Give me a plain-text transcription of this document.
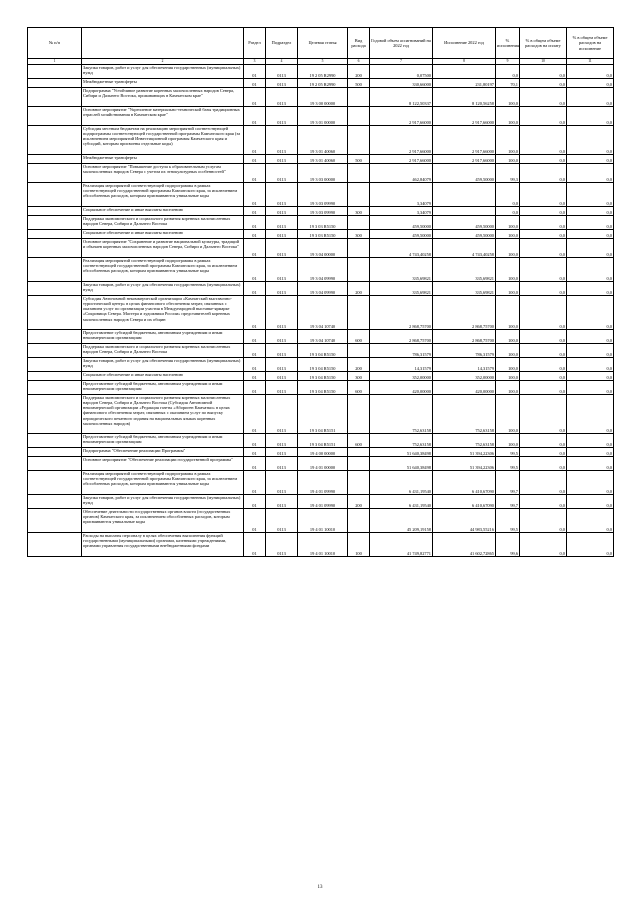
№ п/п		Раздел	Подраздел	Целевая статья	Вид расхода	Годовой объем ассигнований на 2022 год	Исполнение 2022 год	% исполнения	% в общем объеме расходов на оплату	% в общем объеме расходов на исполнение
1	2	3	4	5	6	7	8	9	10	11
	Закупка товаров, работ и услуг для обеспечения государственных (муниципальных) нужд	01	0113	19 2 05 R2990	200	0,07500		0,0	0,0	0,0
	Межбюджетные трансферты	01	0113	19 2 05 R2990	500	330,66000	231,80197	70,1	0,0	0,0
	Подпрограмма "Устойчивое развитие коренных малочисленных народов Севера, Сибири и Дальнего Востока, проживающих в Камчатском крае"	01	0113	19 3 00 00000		8 122,50337	8 120,56258	100,0	0,0	0,0
	Основное мероприятие "Укрепление материально-технической базы традиционных отраслей хозяйствования в Камчатском крае"	01	0113	19 3 01 00000		2 917,66000	2 917,66000	100,0	0,0	0,0
	Субсидия местным бюджетам на реализацию мероприятий соответствующей подпрограммы соответствующей государственной программы Камчатского края (за исключением мероприятий Инвестиционной программы Камчатского края и субсидий, которым присвоены отдельные коды)	01	0113	19 3 01 40060		2 917,66000	2 917,66000	100,0	0,0	0,0
	Межбюджетные трансферты	01	0113	19 3 01 40060	500	2 917,66000	2 917,66000	100,0	0,0	0,0
	Основное мероприятие "Повышение доступа к образовательным услугам малочисленных народов Севера с учетом их этнокультурных особенностей"	01	0113	19 3 03 00000		462,84079	459,50000	99,3	0,0	0,0
	Реализация мероприятий соответствующей подпрограммы в рамках соответствующей государственной программы Камчатского края, за исключением обособленных расходов, которым присваиваются уникальные коды	01	0113	19 3 03 09990		3,34079		0,0	0,0	0,0
	Социальное обеспечение и иные выплаты населению	01	0113	19 3 03 09990	300	3,34079		0,0	0,0	0,0
	Поддержка экономического и социального развития коренных малочисленных народов Севера, Сибири и Дальнего Востока	01	0113	19 3 03 R5150		459,50000	459,50000	100,0	0,0	0,0
	Социальное обеспечение и иные выплаты населению	01	0113	19 3 03 R5150	300	459,50000	459,50000	100,0	0,0	0,0
	Основное мероприятие "Сохранение и развитие национальной культуры, традиций и обычаев коренных малочисленных народов Севера, Сибири и Дальнего Востока"	01	0113	19 3 04 00000		4 743,40258	4 743,40258	100,0	0,0	0,0
	Реализация мероприятий соответствующей подпрограммы в рамках соответствующей государственной программы Камчатского края, за исключением обособленных расходов, которым присваиваются уникальные коды	01	0113	19 3 04 09990		335,69821	335,69821	100,0	0,0	0,0
	Закупка товаров, работ и услуг для обеспечения государственных (муниципальных) нужд	01	0113	19 3 04 09990	200	335,69821	335,69821	100,0	0,0	0,0
	Субсидия Автономной некоммерческой организации «Камчатский выставочно-туристический центр» в целях финансового обеспечения затрат, связанных с оказанием услуг по организации участия в Международной выставке-ярмарке «Сокровища Севера. Мастера и художники России» представителей коренных малочисленных народов Севера и их общин	01	0113	19 3 04 10740		2 868,75700	2 868,75700	100,0	0,0	0,0
	Предоставление субсидий бюджетным, автономным учреждениям и иным некоммерческим организациям	01	0113	19 3 04 10740	600	2 868,75700	2 868,75700	100,0	0,0	0,0
	Поддержка экономического и социального развития коренных малочисленных народов Севера, Сибири и Дальнего Востока	01	0113	19 3 04 R5150		786,31579	786,31579	100,0	0,0	0,0
	Закупка товаров, работ и услуг для обеспечения государственных (муниципальных) нужд	01	0113	19 3 04 R5150	200	14,31579	14,31579	100,0	0,0	0,0
	Социальное обеспечение и иные выплаты населению	01	0113	19 3 04 R5150	300	352,00000	352,00000	100,0	0,0	0,0
	Предоставление субсидий бюджетным, автономным учреждениям и иным некоммерческим организациям	01	0113	19 3 04 R5150	600	420,00000	420,00000	100,0	0,0	0,0
	Поддержка экономического и социального развития коренных малочисленных народов Севера, Сибири и Дальнего Востока (Субсидия Автономной некоммерческой организации «Редакция газеты «Абориген Камчатки» в целях финансового обеспечения затрат, связанных с оказанием услуг по выпуску периодического печатного издания на национальных языках коренных малочисленных народов)	01	0113	19 3 04 R5151		752,63158	752,63158	100,0	0,0	0,0
	Предоставление субсидий бюджетным, автономным учреждениям и иным некоммерческим организациям	01	0113	19 3 04 R5151	600	752,63158	752,63158	100,0	0,0	0,0
	Подпрограмма "Обеспечение реализации Программы"	01	0113	19 4 00 00000		51 640,38498	51 394,22306	99,5	0,0	0,0
	Основное мероприятие "Обеспечение реализации государственной программы"	01	0113	19 4 01 00000		51 640,38498	51 394,22306	99,5	0,0	0,0
	Реализация мероприятий соответствующей подпрограммы в рамках соответствующей государственной программы Камчатского края, за исключением обособленных расходов, которым присваиваются уникальные коды	01	0113	19 4 01 09990		6 431,19540	6 410,67090	99,7	0,0	0,0
	Закупка товаров, работ и услуг для обеспечения государственных (муниципальных) нужд	01	0113	19 4 01 09990	200	6 431,19540	6 410,67090	99,7	0,0	0,0
	Обеспечение деятельности государственных органов власти (государственных органов) Камчатского края, за исключением обособленных расходов, которым присваиваются уникальные коды	01	0113	19 4 01 10010		45 209,19158	44 983,55216	99,5	0,0	0,0
	Расходы на выплаты персоналу в целях обеспечения выполнения функций государственными (муниципальными) органами, казенными учреждениями, органами управления государственными внебюджетными фондами	01	0113	19 4 01 10010	100	41 749,82771	41 602,72865	99,6	0,0	0,0
13
